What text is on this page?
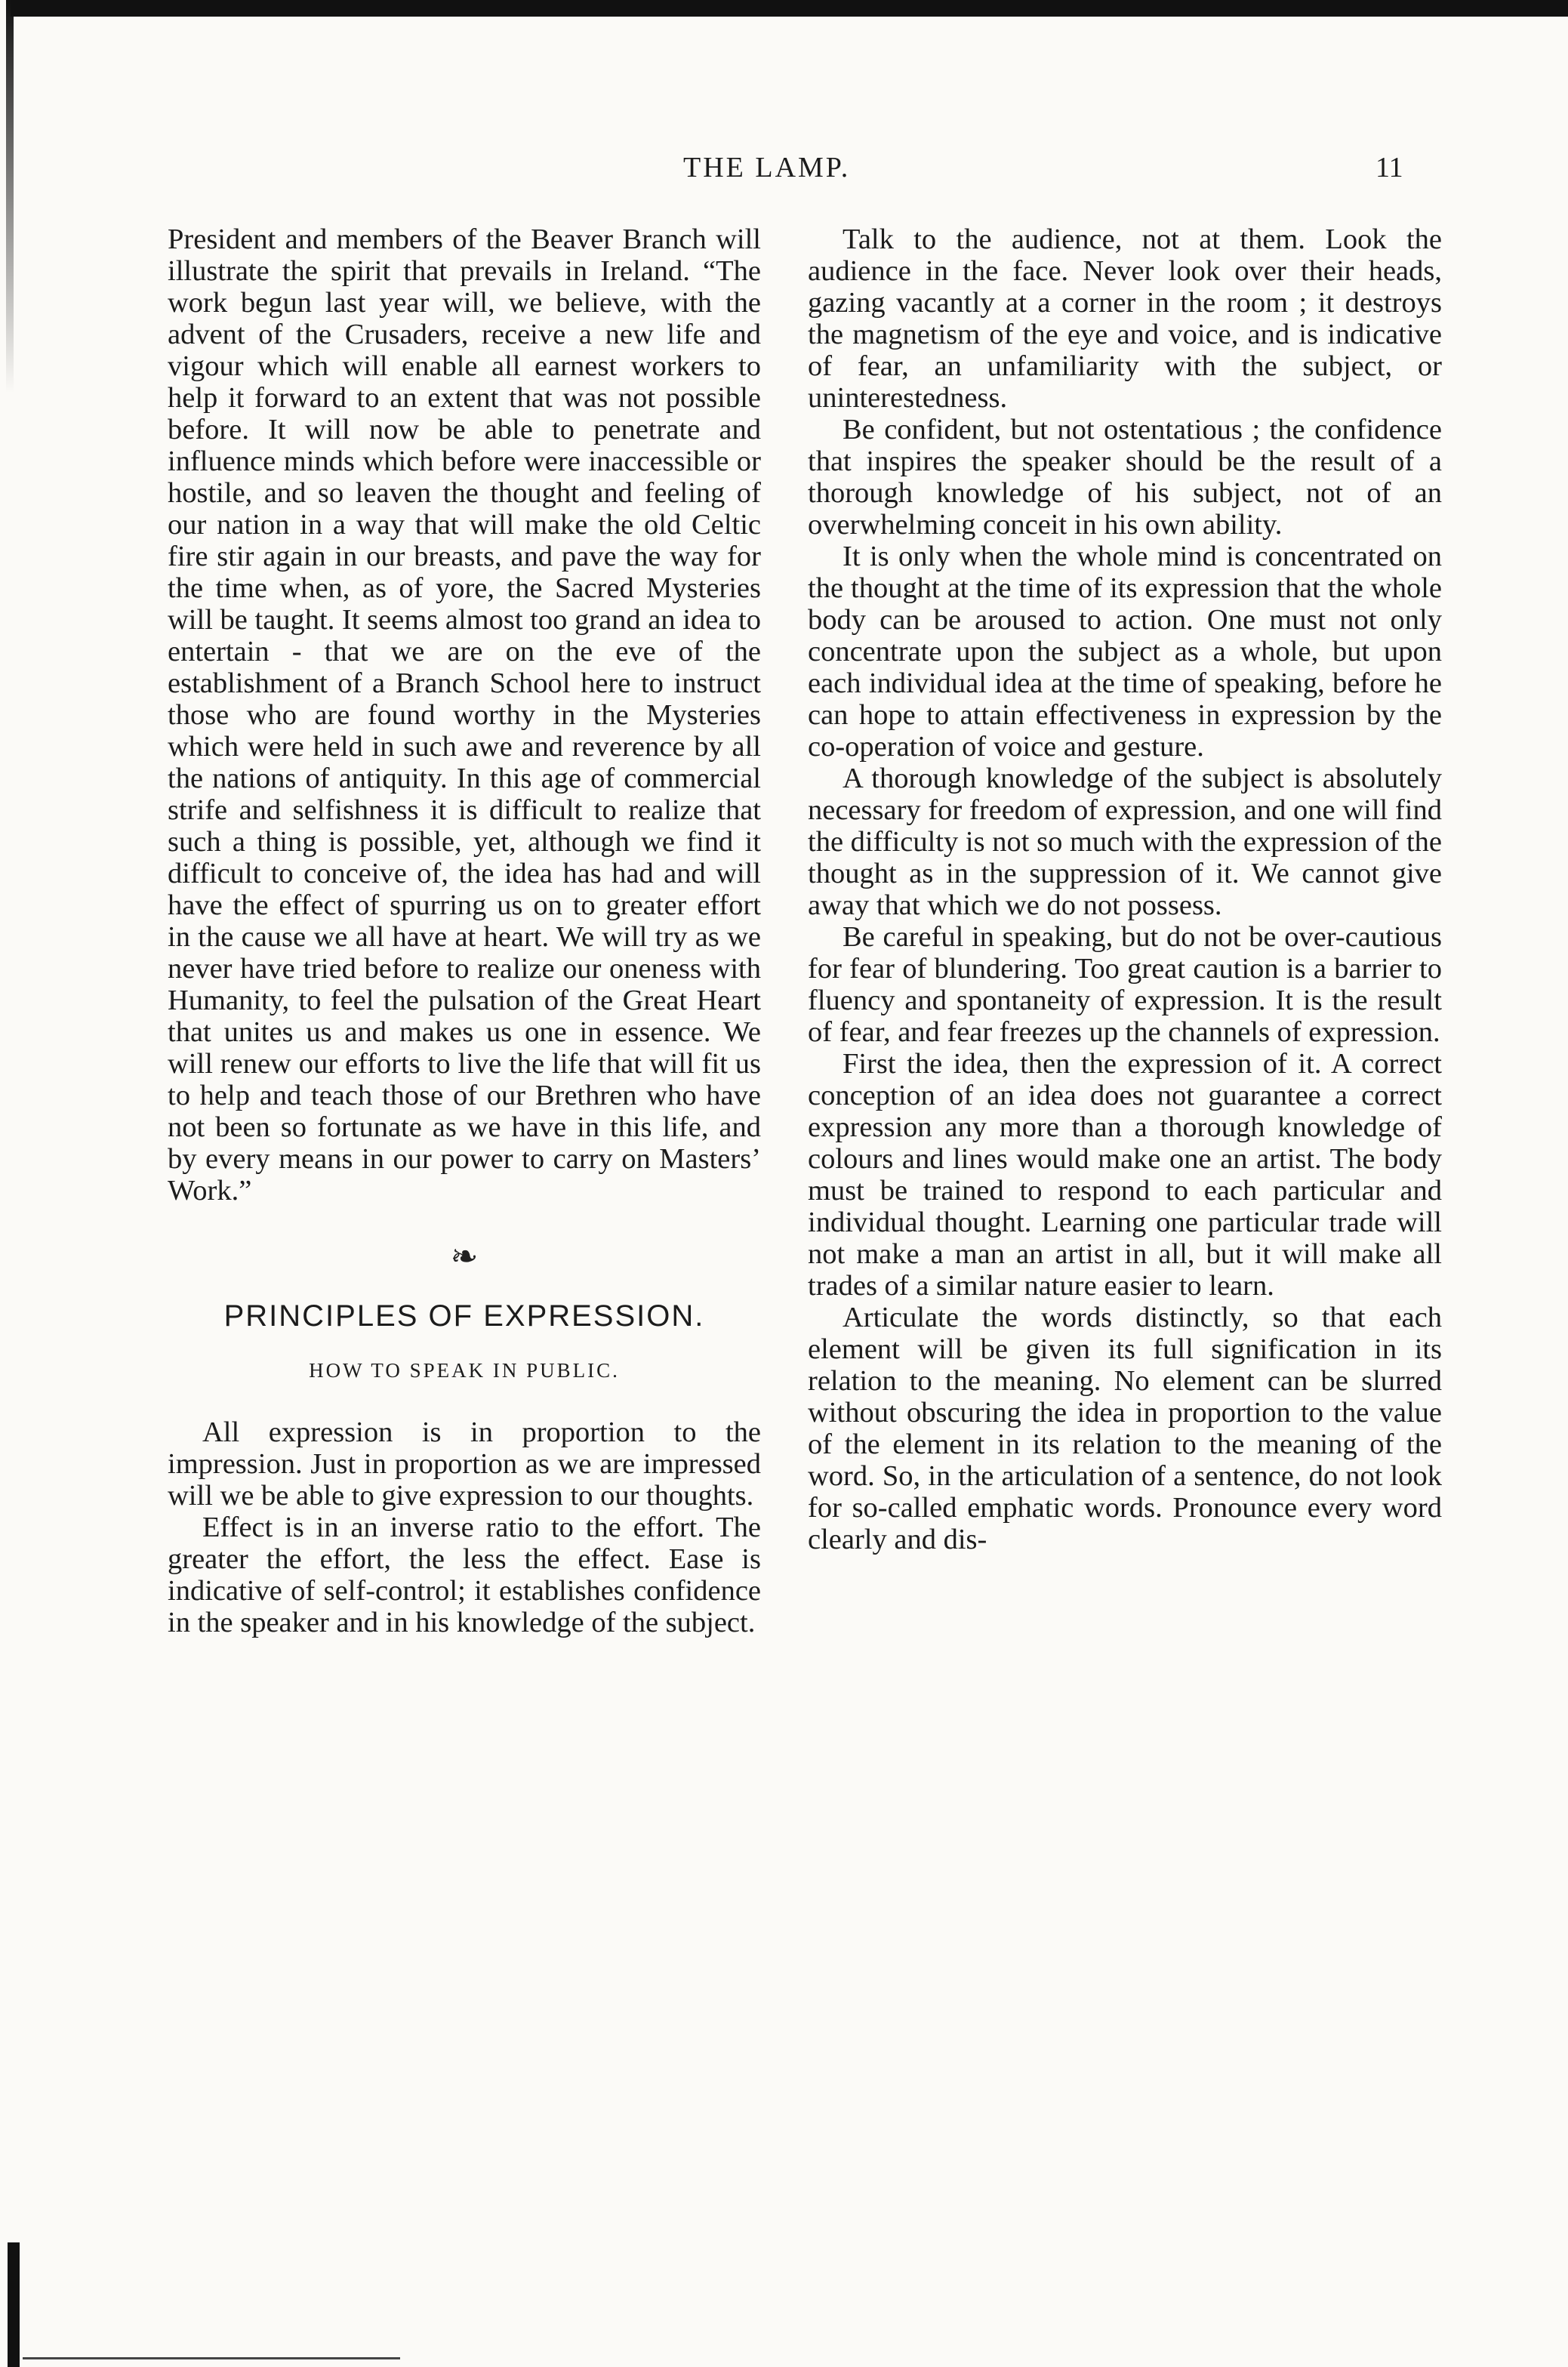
THE LAMP.	11

President and members of the Beaver Branch will illustrate the spirit that prevails in Ireland. “The work begun last year will, we believe, with the advent of the Crusaders, receive a new life and vigour which will enable all earnest workers to help it forward to an extent that was not possible before. It will now be able to penetrate and influence minds which before were inaccessible or hostile, and so leaven the thought and feeling of our nation in a way that will make the old Celtic fire stir again in our breasts, and pave the way for the time when, as of yore, the Sacred Mysteries will be taught. It seems almost too grand an idea to entertain - that we are on the eve of the establishment of a Branch School here to instruct those who are found worthy in the Mysteries which were held in such awe and reverence by all the nations of antiquity. In this age of commercial strife and selfishness it is difficult to realize that such a thing is possible, yet, although we find it difficult to conceive of, the idea has had and will have the effect of spurring us on to greater effort in the cause we all have at heart. We will try as we never have tried before to realize our oneness with Humanity, to feel the pulsation of the Great Heart that unites us and makes us one in essence. We will renew our efforts to live the life that will fit us to help and teach those of our Brethren who have not been so fortunate as we have in this life, and by every means in our power to carry on Masters’ Work.”

❧
PRINCIPLES OF EXPRESSION.
HOW TO SPEAK IN PUBLIC.

All expression is in proportion to the impression. Just in proportion as we are impressed will we be able to give expression to our thoughts.

Effect is in an inverse ratio to the effort. The greater the effort, the less the effect. Ease is indicative of self-control; it establishes confidence in the speaker and in his knowledge of the subject.

Talk to the audience, not at them. Look the audience in the face. Never look over their heads, gazing vacantly at a corner in the room ; it destroys the magnetism of the eye and voice, and is indicative of fear, an unfamiliarity with the subject, or uninterestedness.

Be confident, but not ostentatious ; the confidence that inspires the speaker should be the result of a thorough knowledge of his subject, not of an overwhelming conceit in his own ability.

It is only when the whole mind is concentrated on the thought at the time of its expression that the whole body can be aroused to action. One must not only concentrate upon the subject as a whole, but upon each individual idea at the time of speaking, before he can hope to attain effectiveness in expression by the co-operation of voice and gesture.

A thorough knowledge of the subject is absolutely necessary for freedom of expression, and one will find the difficulty is not so much with the expression of the thought as in the suppression of it. We cannot give away that which we do not possess.

Be careful in speaking, but do not be over-cautious for fear of blundering. Too great caution is a barrier to fluency and spontaneity of expression. It is the result of fear, and fear freezes up the channels of expression.

First the idea, then the expression of it. A correct conception of an idea does not guarantee a correct expression any more than a thorough knowledge of colours and lines would make one an artist. The body must be trained to respond to each particular and individual thought. Learning one particular trade will not make a man an artist in all, but it will make all trades of a similar nature easier to learn.

Articulate the words distinctly, so that each element will be given its full signification in its relation to the meaning. No element can be slurred without obscuring the idea in proportion to the value of the element in its relation to the meaning of the word. So, in the articulation of a sentence, do not look for so-called emphatic words. Pronounce every word clearly and dis-
